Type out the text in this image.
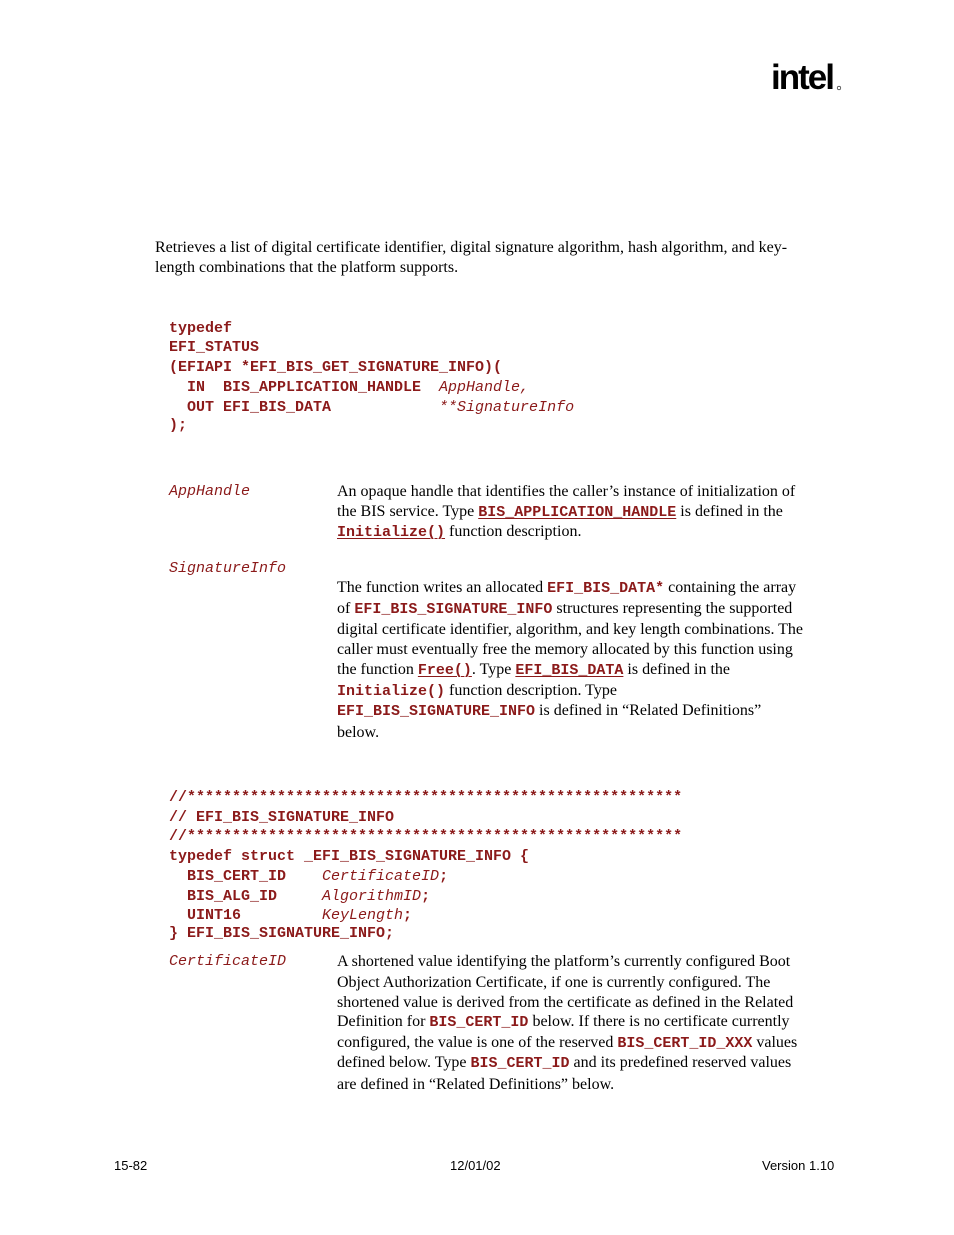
intel
Retrieves a list of digital certificate identifier, digital signature algorithm, hash algorithm, and key-
length combinations that the platform supports.
typedef
EFI_STATUS
(EFIAPI *EFI_BIS_GET_SIGNATURE_INFO)(
IN  BIS_APPLICATION_HANDLE  AppHandle,
OUT EFI_BIS_DATA            **SignatureInfo
);
AppHandle	An opaque handle that identifies the caller’s instance of initialization of
the BIS service. Type BIS_APPLICATION_HANDLE is defined in the
Initialize() function description.
SignatureInfo
The function writes an allocated EFI_BIS_DATA* containing the array
of EFI_BIS_SIGNATURE_INFO structures representing the supported
digital certificate identifier, algorithm, and key length combinations. The
caller must eventually free the memory allocated by this function using
the function Free(). Type EFI_BIS_DATA is defined in the
Initialize() function description. Type
EFI_BIS_SIGNATURE_INFO is defined in “Related Definitions”
below.
//*******************************************************
// EFI_BIS_SIGNATURE_INFO
//*******************************************************
typedef struct _EFI_BIS_SIGNATURE_INFO {
BIS_CERT_ID    CertificateID;
BIS_ALG_ID     AlgorithmID;
UINT16         KeyLength;
} EFI_BIS_SIGNATURE_INFO;
CertificateID	A shortened value identifying the platform’s currently configured Boot
Object Authorization Certificate, if one is currently configured. The
shortened value is derived from the certificate as defined in the Related
Definition for BIS_CERT_ID below. If there is no certificate currently
configured, the value is one of the reserved BIS_CERT_ID_XXX values
defined below. Type BIS_CERT_ID and its predefined reserved values
are defined in “Related Definitions” below.
15-82	12/01/02	Version 1.10
